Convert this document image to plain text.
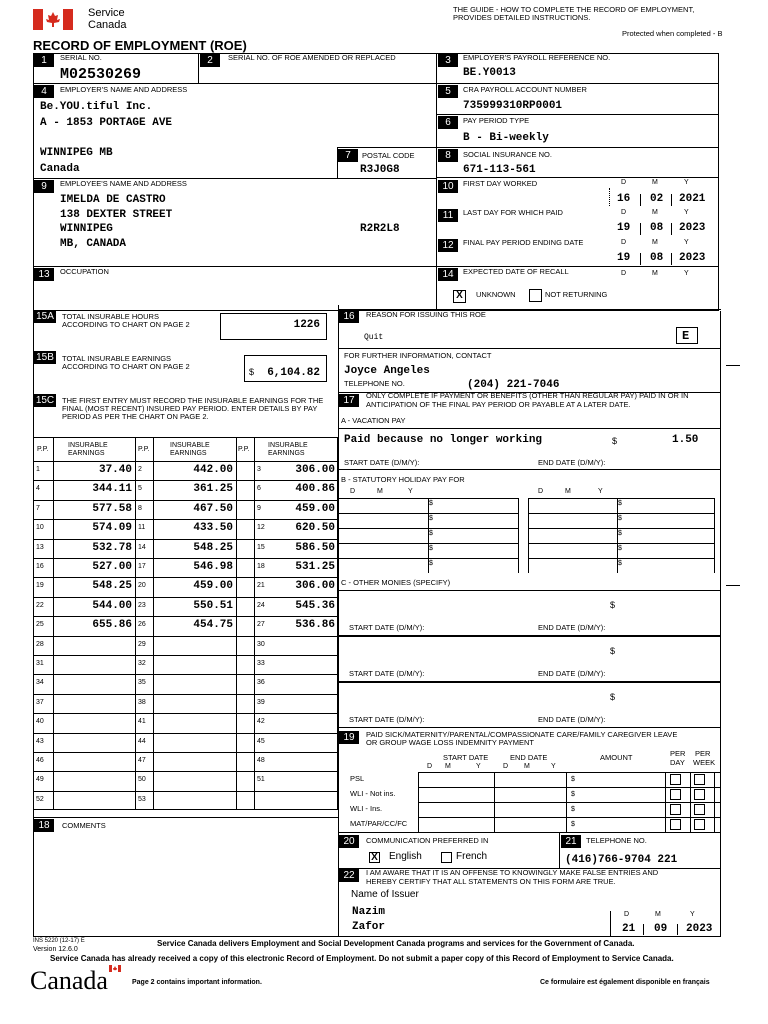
Service
Canada
RECORD OF EMPLOYMENT (ROE)
THE GUIDE - HOW TO COMPLETE THE RECORD OF EMPLOYMENT,
PROVIDES DETAILED INSTRUCTIONS.
Protected when completed - B
1	SERIAL NO.
M02530269
2	SERIAL NO. OF ROE AMENDED OR REPLACED	3	EMPLOYER'S PAYROLL REFERENCE NO.
BE.Y0013
4	EMPLOYER'S NAME AND ADDRESS
Be.YOU.tiful Inc.
A - 1853 PORTAGE AVE
WINNIPEG MB
Canada
5	CRA PAYROLL ACCOUNT NUMBER
735999310RP0001
6	PAY PERIOD TYPE
B - Bi-weekly
7	POSTAL CODE
R3J0G8
8	SOCIAL INSURANCE NO.
671-113-561
9	EMPLOYEE'S NAME AND ADDRESS
IMELDA DE CASTRO
138 DEXTER STREET
WINNIPEG
MB, CANADA
R2R2L8
10	FIRST DAY WORKED	D	M	Y
16 02 2021
11	LAST DAY FOR WHICH PAID	D	M	Y
19 08 2023
12	FINAL PAY PERIOD ENDING DATE	D	M	Y
19 08 2023
13	OCCUPATION	14	EXPECTED DATE OF RECALL	D	M	Y
X	UNKNOWN	NOT RETURNING
15A TOTAL INSURABLE HOURS
ACCORDING TO CHART ON PAGE 2	1226
15B TOTAL INSURABLE EARNINGS
ACCORDING TO CHART ON PAGE 2
$	6,104.82
16	REASON FOR ISSUING THIS ROE
Quit	E
FOR FURTHER INFORMATION, CONTACT
Joyce Angeles
TELEPHONE NO.	(204) 221-7046
15C THE FIRST ENTRY MUST RECORD THE INSURABLE EARNINGS FOR THE
FINAL (MOST RECENT) INSURED PAY PERIOD. ENTER DETAILS BY PAY
PERIOD AS PER THE CHART ON PAGE 2.
P.P.
INSURABLE
EARNINGS
P.P.
INSURABLE
EARNINGS
P.P.
INSURABLE
EARNINGS
1	37.40 2	442.00	3	306.00
4	344.11 5	361.25	6	400.86
7	577.58 8	467.50	9	459.00
10	574.09 11	433.50	12	620.50
13	532.78 14	548.25	15	586.50
16	527.00 17	546.98	18	531.25
19	548.25 20	459.00	21	306.00
22	544.00 23	550.51	24	545.36
25	655.86 26	454.75	27	536.86
28	29	30
31	32	33
34	35	36
37	38	39
40	41	42
43	44	45
46	47	48
49	50	51
52	53
17	ONLY COMPLETE IF PAYMENT OR BENEFITS (OTHER THAN REGULAR PAY) PAID IN OR IN
ANTICIPATION OF THE FINAL PAY PERIOD OR PAYABLE AT A LATER DATE.
A - VACATION PAY
Paid because no longer working	$	1.50
START DATE (D/M/Y):	END DATE (D/M/Y):
B - STATUTORY HOLIDAY PAY FOR
D	M	Y	D	M	Y
$	$
$	$
$	$
$	$
$	$
C - OTHER MONIES (SPECIFY)
$
START DATE (D/M/Y):	END DATE (D/M/Y):
$
START DATE (D/M/Y):	END DATE (D/M/Y):
$
START DATE (D/M/Y):	END DATE (D/M/Y):
18	COMMENTS
19	PAID SICK/MATERNITY/PARENTAL/COMPASSIONATE CARE/FAMILY CAREGIVER LEAVE
OR GROUP WAGE LOSS INDEMNITY PAYMENT
START DATE	END DATE	AMOUNT	PER
DAY
PER
WEEK
D M	Y	D M	Y
PSL	$
WLI - Not ins.	$
WLI - Ins.	$
MAT/PAR/CC/FC	$
20	COMMUNICATION PREFERRED IN
X English	French
21	TELEPHONE NO.
(416)766-9704 221
22	I AM AWARE THAT IT IS AN OFFENSE TO KNOWINGLY MAKE FALSE ENTRIES AND
HEREBY CERTIFY THAT ALL STATEMENTS ON THIS FORM ARE TRUE.
Name of Issuer
Nazim
Zafor
D	M	Y
21 09 2023
INS 5220 (12-17) E
Version 12.6.0
Service Canada delivers Employment and Social Development Canada programs and services for the Government of Canada.
Service Canada has already received a copy of this electronic Record of Employment. Do not submit a paper copy of this Record of Employment to Service Canada.
Canada	Page 2 contains important information.	Ce formulaire est également disponible en français
